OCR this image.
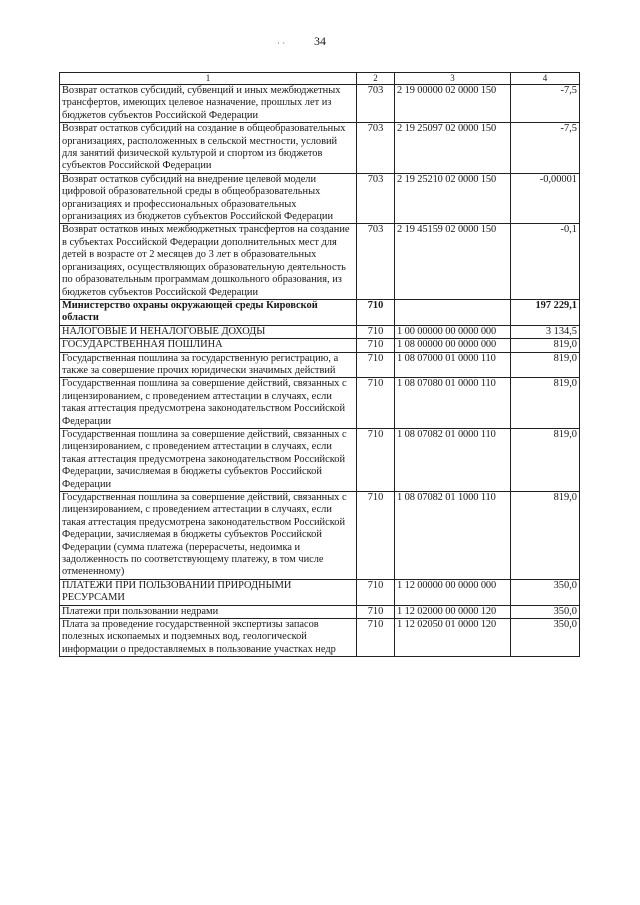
34
· ·
1	2	3	4
Возврат остатков субсидий, субвенций и иных межбюджетных трансфертов, имеющих целевое назначение, прошлых лет из бюджетов субъектов Российской Федерации	703	2 19 00000 02 0000 150	-7,5
Возврат остатков субсидий на создание в общеобразовательных организациях, расположенных в сельской местности, условий для занятий физической культурой и спортом из бюджетов субъектов Российской Федерации	703	2 19 25097 02 0000 150	-7,5
Возврат остатков субсидий на внедрение целевой модели цифровой образовательной среды в общеобразовательных организациях и профессиональных образовательных организациях из бюджетов субъектов Российской Федерации	703	2 19 25210 02 0000 150	-0,00001
Возврат остатков иных межбюджетных трансфертов на создание в субъектах Российской Федерации дополнительных мест для детей в возрасте от 2 месяцев до 3 лет в образовательных организациях, осуществляющих образовательную деятельность по образовательным программам дошкольного образования, из бюджетов субъектов Российской Федерации	703	2 19 45159 02 0000 150	-0,1
Министерство охраны окружающей среды Кировской области	710		197 229,1
НАЛОГОВЫЕ И НЕНАЛОГОВЫЕ ДОХОДЫ	710	1 00 00000 00 0000 000	3 134,5
ГОСУДАРСТВЕННАЯ ПОШЛИНА	710	1 08 00000 00 0000 000	819,0
Государственная пошлина за государственную регистрацию, а также за совершение прочих юридически значимых действий	710	1 08 07000 01 0000 110	819,0
Государственная пошлина за совершение действий, связанных с лицензированием, с проведением аттестации в случаях, если такая аттестация предусмотрена законодательством Российской Федерации	710	1 08 07080 01 0000 110	819,0
Государственная пошлина за совершение действий, связанных с лицензированием, с проведением аттестации в случаях, если такая аттестация предусмотрена законодательством Российской Федерации, зачисляемая в бюджеты субъектов Российской Федерации	710	1 08 07082 01 0000 110	819,0
Государственная пошлина за совершение действий, связанных с лицензированием, с проведением аттестации в случаях, если такая аттестация предусмотрена законодательством Российской Федерации, зачисляемая в бюджеты субъектов Российской Федерации (сумма платежа (перерасчеты, недоимка и задолженность по соответствующему платежу, в том числе отмененному)	710	1 08 07082 01 1000 110	819,0
ПЛАТЕЖИ ПРИ ПОЛЬЗОВАНИИ ПРИРОДНЫМИ РЕСУРСАМИ	710	1 12 00000 00 0000 000	350,0
Платежи при пользовании недрами	710	1 12 02000 00 0000 120	350,0
Плата за проведение государственной экспертизы запасов полезных ископаемых и подземных вод, геологической информации о предоставляемых в пользование участках недр	710	1 12 02050 01 0000 120	350,0
